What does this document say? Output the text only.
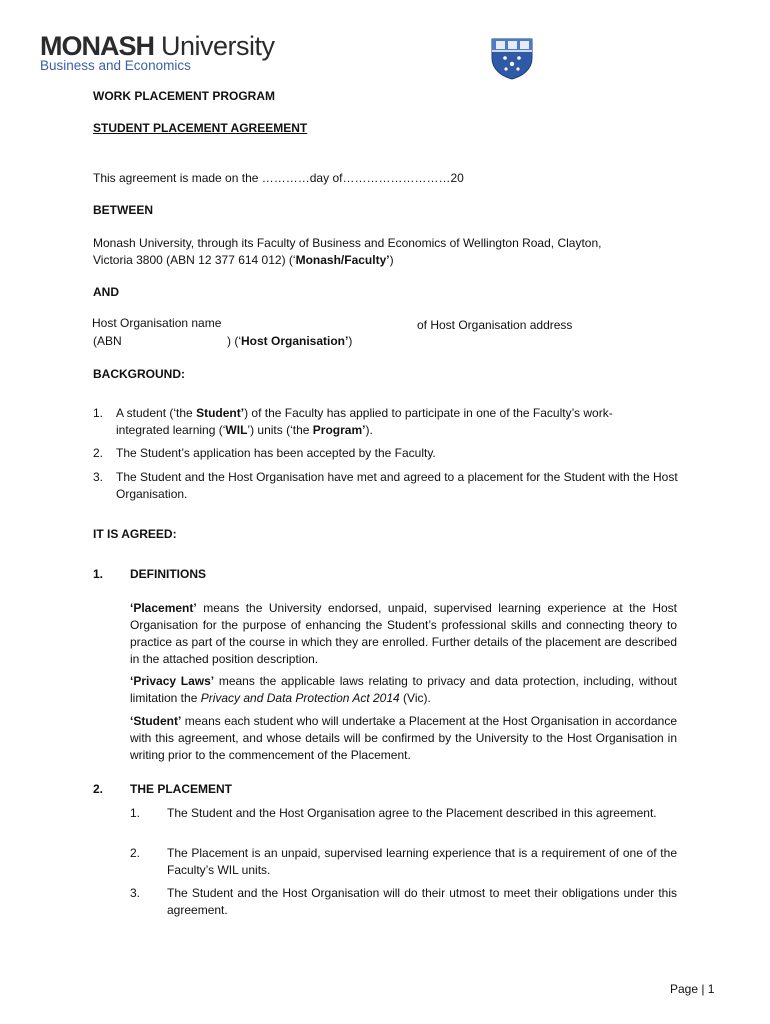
MONASH University
Business and Economics

WORK PLACEMENT PROGRAM

STUDENT PLACEMENT AGREEMENT

This agreement is made on the …………day of………………………20

BETWEEN

Monash University, through its Faculty of Business and Economics of Wellington Road, Clayton,

Victoria 3800 (ABN 12 377 614 012) (‘Monash/Faculty’)

AND

Host Organisation name	of Host Organisation address

(ABN	) (‘Host Organisation’)

BACKGROUND:

1. A student (‘the Student’) of the Faculty has applied to participate in one of the Faculty’s work-
integrated learning (‘WIL’) units (‘the Program’).
2. The Student’s application has been accepted by the Faculty.
3. The Student and the Host Organisation have met and agreed to a placement for the Student with the Host Organisation.

IT IS AGREED:

1. DEFINITIONS

‘Placement’ means the University endorsed, unpaid, supervised learning experience at the Host Organisation for the purpose of enhancing the Student’s professional skills and connecting theory to practice as part of the course in which they are enrolled. Further details of the placement are described in the attached position description.

‘Privacy Laws’ means the applicable laws relating to privacy and data protection, including, without limitation the Privacy and Data Protection Act 2014 (Vic).

‘Student’ means each student who will undertake a Placement at the Host Organisation in accordance with this agreement, and whose details will be confirmed by the University to the Host Organisation in writing prior to the commencement of the Placement.

2. THE PLACEMENT

1. The Student and the Host Organisation agree to the Placement described in this agreement.
2. The Placement is an unpaid, supervised learning experience that is a requirement of one of the Faculty’s WIL units.
3. The Student and the Host Organisation will do their utmost to meet their obligations under this agreement.

Page | 1
